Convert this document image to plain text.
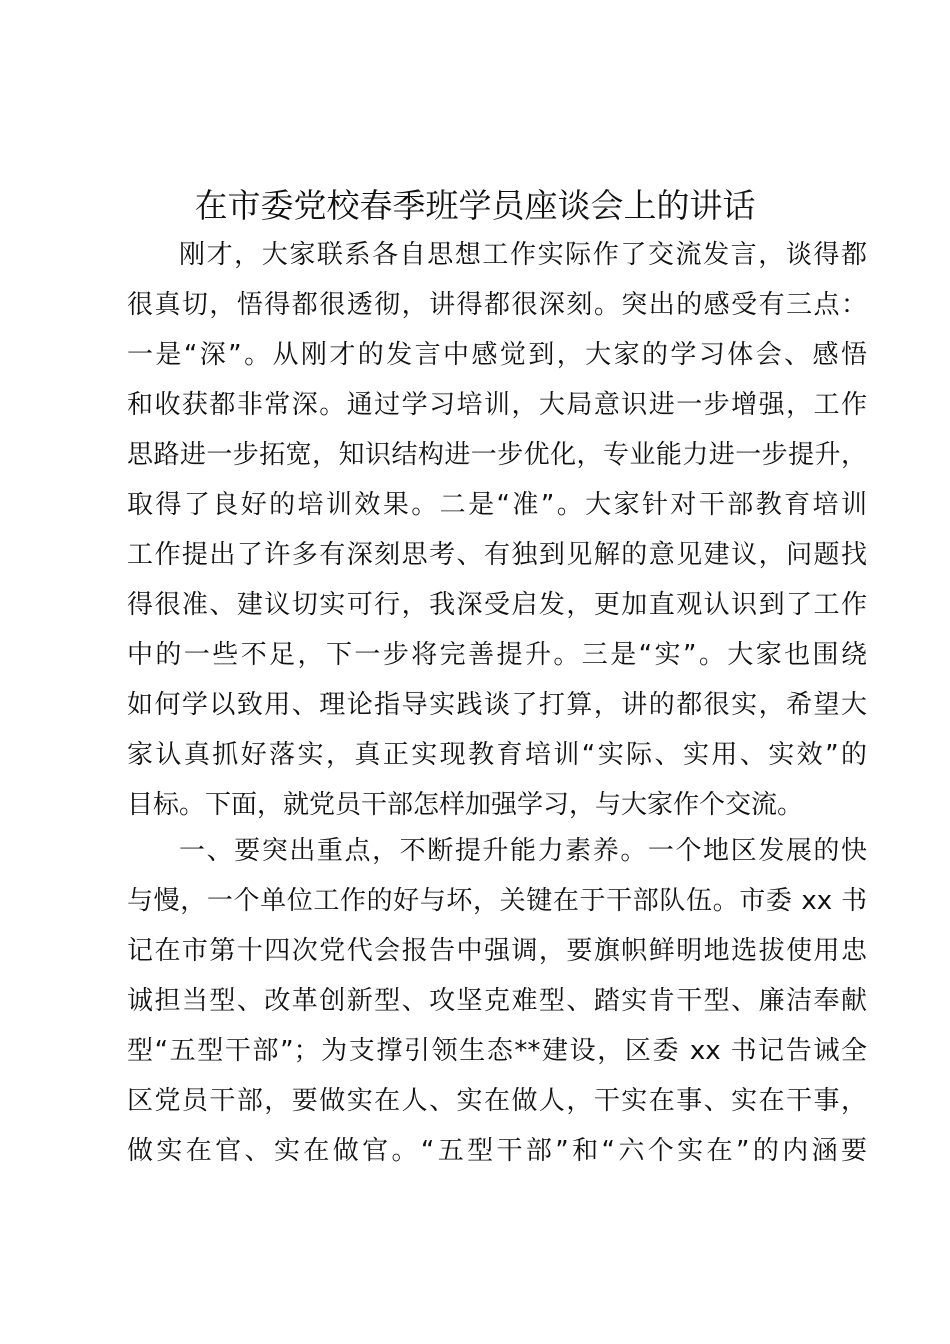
在市委党校春季班学员座谈会上的讲话
刚才，大家联系各自思想工作实际作了交流发言，谈得都
很真切，悟得都很透彻，讲得都很深刻。突出的感受有三点：
一是“深”。从刚才的发言中感觉到，大家的学习体会、感悟
和收获都非常深。通过学习培训，大局意识进一步增强，工作
思路进一步拓宽，知识结构进一步优化，专业能力进一步提升，
取得了良好的培训效果。二是“准”。大家针对干部教育培训
工作提出了许多有深刻思考、有独到见解的意见建议，问题找
得很准、建议切实可行，我深受启发，更加直观认识到了工作
中的一些不足，下一步将完善提升。三是“实”。大家也围绕
如何学以致用、理论指导实践谈了打算，讲的都很实，希望大
家认真抓好落实，真正实现教育培训“实际、实用、实效”的
目标。下面，就党员干部怎样加强学习，与大家作个交流。
一、要突出重点，不断提升能力素养。一个地区发展的快
与慢，一个单位工作的好与坏，关键在于干部队伍。市委 xx 书
记在市第十四次党代会报告中强调，要旗帜鲜明地选拔使用忠
诚担当型、改革创新型、攻坚克难型、踏实肯干型、廉洁奉献
型“五型干部”；为支撑引领生态**建设，区委 xx 书记告诫全
区党员干部，要做实在人、实在做人，干实在事、实在干事，
做实在官、实在做官。“五型干部”和“六个实在”的内涵要
